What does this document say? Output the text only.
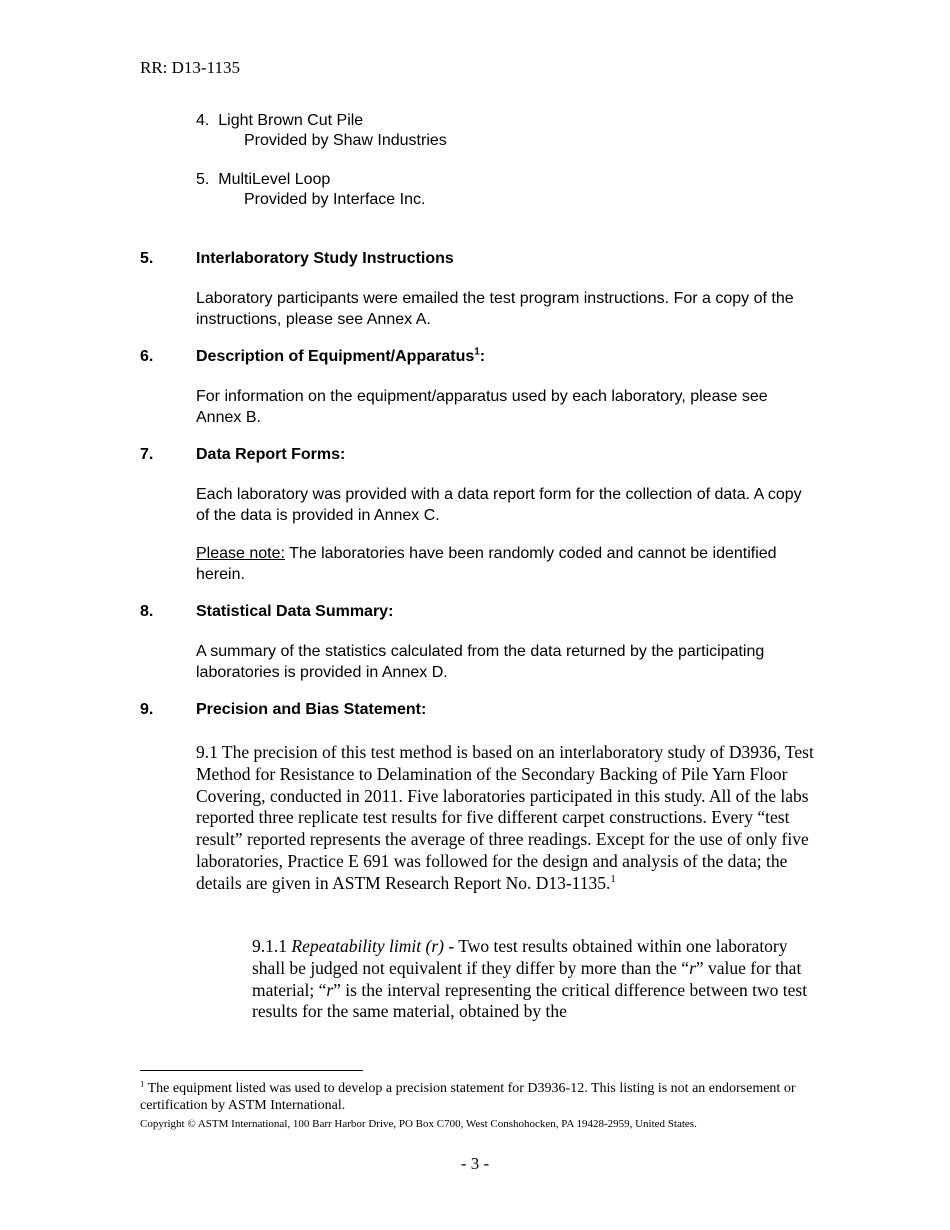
RR: D13-1135
4. Light Brown Cut Pile
Provided by Shaw Industries
5. MultiLevel Loop
Provided by Interface Inc.
5.	Interlaboratory Study Instructions
Laboratory participants were emailed the test program instructions. For a copy of the instructions, please see Annex A.
6.	Description of Equipment/Apparatus$^1$:
For information on the equipment/apparatus used by each laboratory, please see Annex B.
7.	Data Report Forms:
Each laboratory was provided with a data report form for the collection of data. A copy of the data is provided in Annex C.
Please note: The laboratories have been randomly coded and cannot be identified herein.
8.	Statistical Data Summary:
A summary of the statistics calculated from the data returned by the participating laboratories is provided in Annex D.
9.	Precision and Bias Statement:
9.1 The precision of this test method is based on an interlaboratory study of D3936, Test Method for Resistance to Delamination of the Secondary Backing of Pile Yarn Floor Covering, conducted in 2011. Five laboratories participated in this study. All of the labs reported three replicate test results for five different carpet constructions. Every “test result” reported represents the average of three readings. Except for the use of only five laboratories, Practice E 691 was followed for the design and analysis of the data; the details are given in ASTM Research Report No. D13-1135.$^1$
9.1.1 Repeatability limit (r) - Two test results obtained within one laboratory shall be judged not equivalent if they differ by more than the “r” value for that material; “r” is the interval representing the critical difference between two test results for the same material, obtained by the
$^1$ The equipment listed was used to develop a precision statement for D3936-12. This listing is not an endorsement or certification by ASTM International.
Copyright © ASTM International, 100 Barr Harbor Drive, PO Box C700, West Conshohocken, PA 19428-2959, United States.
- 3 -
